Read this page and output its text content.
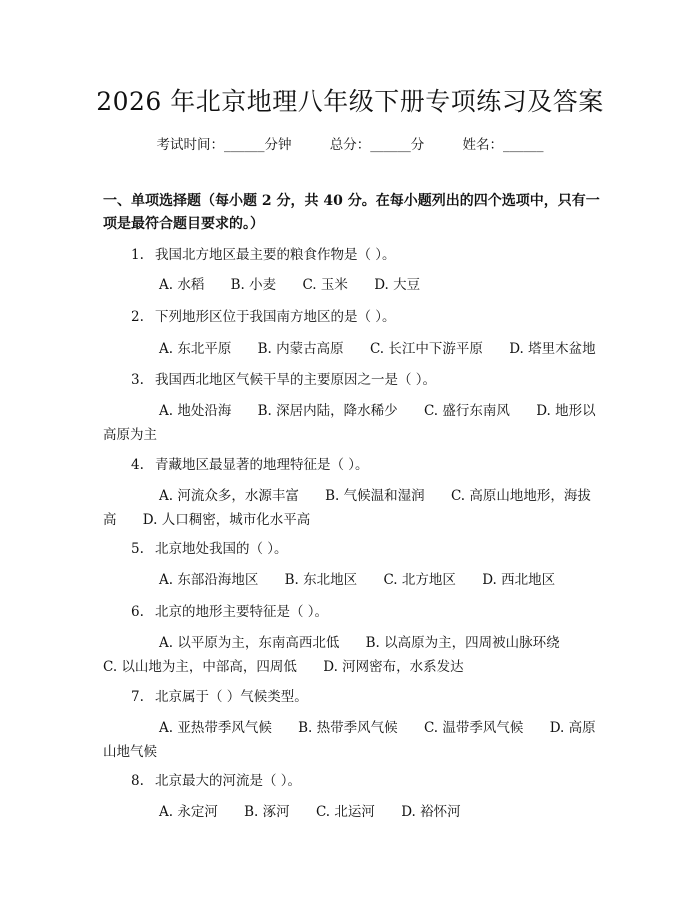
2026 年北京地理八年级下册专项练习及答案
考试时间：______分钟	总分：______分	姓名：______
一、单项选择题（每小题 2 分，共 40 分。在每小题列出的四个选项中，只有一项是最符合题目要求的。）
1. 我国北方地区最主要的粮食作物是（ ）。
A. 水稻 B. 小麦 C. 玉米 D. 大豆
2. 下列地形区位于我国南方地区的是（ ）。
A. 东北平原 B. 内蒙古高原 C. 长江中下游平原 D. 塔里木盆地
3. 我国西北地区气候干旱的主要原因之一是（ ）。
A. 地处沿海 B. 深居内陆，降水稀少 C. 盛行东南风 D. 地形以高原为主
4. 青藏地区最显著的地理特征是（ ）。
A. 河流众多，水源丰富 B. 气候温和湿润 C. 高原山地地形，海拔高 D. 人口稠密，城市化水平高
5. 北京地处我国的（ ）。
A. 东部沿海地区 B. 东北地区 C. 北方地区 D. 西北地区
6. 北京的地形主要特征是（ ）。
A. 以平原为主，东南高西北低 B. 以高原为主，四周被山脉环绕 C. 以山地为主，中部高，四周低 D. 河网密布，水系发达
7. 北京属于（ ）气候类型。
A. 亚热带季风气候 B. 热带季风气候 C. 温带季风气候 D. 高原山地气候
8. 北京最大的河流是（ ）。
A. 永定河 B. 涿河 C. 北运河 D. 裕怀河
